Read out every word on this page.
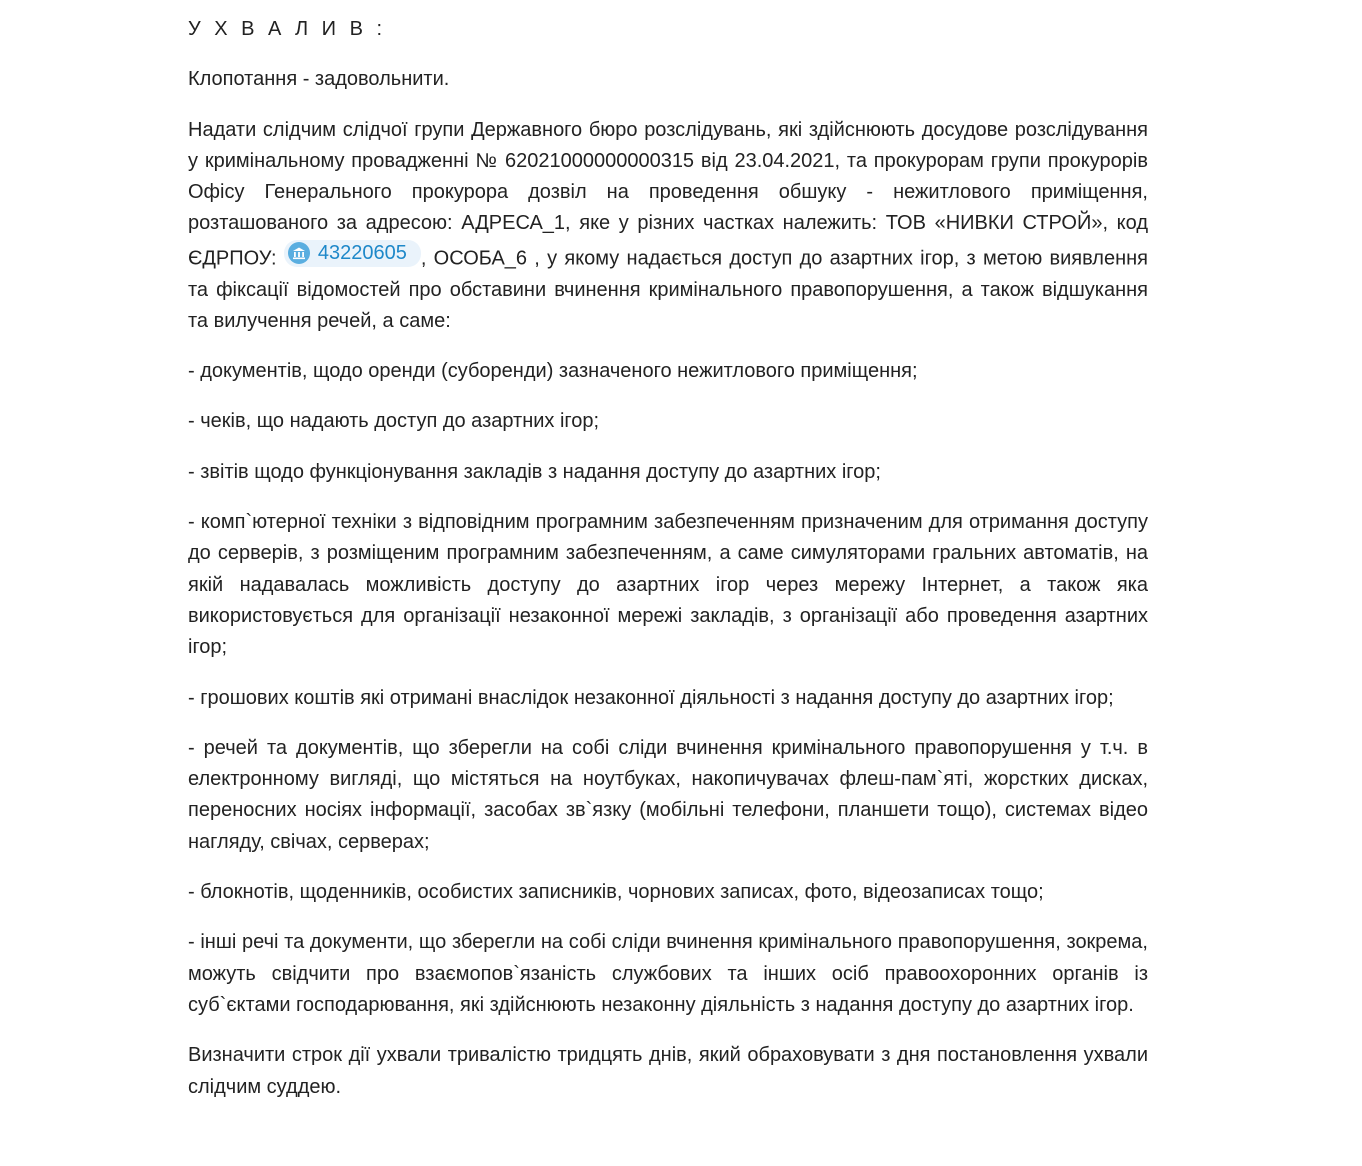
У Х В А Л И В :

Клопотання - задовольнити.

Надати слідчим слідчої групи Державного бюро розслідувань, які здійснюють досудове розслідування у кримінальному провадженні № 62021000000000315 від 23.04.2021, та прокурорам групи прокурорів Офісу Генерального прокурора дозвіл на проведення обшуку - нежитлового приміщення, розташованого за адресою: АДРЕСА_1, яке у різних частках належить: ТОВ «НИВКИ СТРОЙ», код ЄДРПОУ: 43220605 , ОСОБА_6 , у якому надається доступ до азартних ігор, з метою виявлення та фіксації відомостей про обставини вчинення кримінального правопорушення, а також відшукання та вилучення речей, а саме:

- документів, щодо оренди (суборенди) зазначеного нежитлового приміщення;

- чеків, що надають доступ до азартних ігор;

- звітів щодо функціонування закладів з надання доступу до азартних ігор;

- комп`ютерної техніки з відповідним програмним забезпеченням призначеним для отримання доступу до серверів, з розміщеним програмним забезпеченням, а саме симуляторами гральних автоматів, на якій надавалась можливість доступу до азартних ігор через мережу Інтернет, а також яка використовується для організації незаконної мережі закладів, з організації або проведення азартних ігор;

- грошових коштів які отримані внаслідок незаконної діяльності з надання доступу до азартних ігор;

- речей та документів, що зберегли на собі сліди вчинення кримінального правопорушення у т.ч. в електронному вигляді, що містяться на ноутбуках, накопичувачах флеш-пам`яті, жорстких дисках, переносних носіях інформації, засобах зв`язку (мобільні телефони, планшети тощо), системах відео нагляду, свічах, серверах;

- блокнотів, щоденників, особистих записників, чорнових записах, фото, відеозаписах тощо;

- інші речі та документи, що зберегли на собі сліди вчинення кримінального правопорушення, зокрема, можуть свідчити про взаємопов`язаність службових та інших осіб правоохоронних органів із суб`єктами господарювання, які здійснюють незаконну діяльність з надання доступу до азартних ігор.

Визначити строк дії ухвали тривалістю тридцять днів, який обраховувати з дня постановлення ухвали слідчим суддею.
